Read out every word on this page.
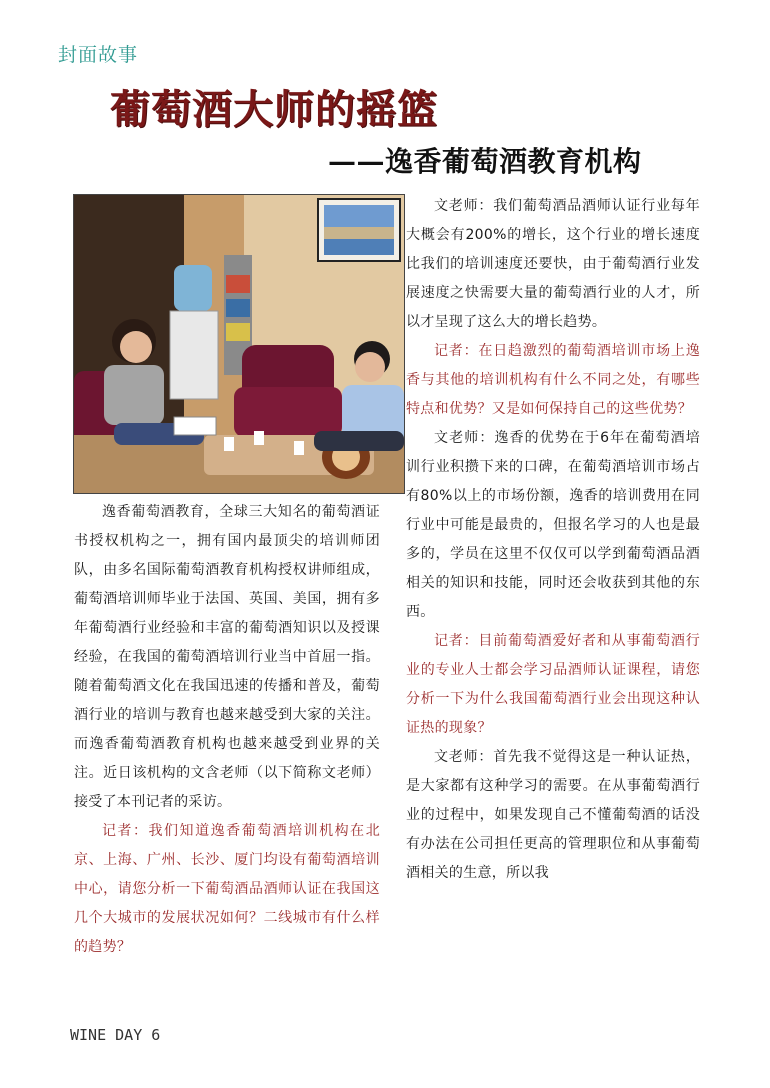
封面故事
葡萄酒大师的摇篮
——逸香葡萄酒教育机构

逸香葡萄酒教育，全球三大知名的葡萄酒证书授权机构之一，拥有国内最顶尖的培训师团队，由多名国际葡萄酒教育机构授权讲师组成，葡萄酒培训师毕业于法国、英国、美国，拥有多年葡萄酒行业经验和丰富的葡萄酒知识以及授课经验，在我国的葡萄酒培训行业当中首屈一指。随着葡萄酒文化在我国迅速的传播和普及，葡萄酒行业的培训与教育也越来越受到大家的关注。而逸香葡萄酒教育机构也越来越受到业界的关注。近日该机构的文含老师（以下简称文老师）接受了本刊记者的采访。

记者：我们知道逸香葡萄酒培训机构在北京、上海、广州、长沙、厦门均设有葡萄酒培训中心，请您分析一下葡萄酒品酒师认证在我国这几个大城市的发展状况如何？二线城市有什么样的趋势？

文老师：我们葡萄酒品酒师认证行业每年大概会有200%的增长，这个行业的增长速度比我们的培训速度还要快，由于葡萄酒行业发展速度之快需要大量的葡萄酒行业的人才，所以才呈现了这么大的增长趋势。

记者：在日趋激烈的葡萄酒培训市场上逸香与其他的培训机构有什么不同之处，有哪些特点和优势？又是如何保持自己的这些优势？

文老师：逸香的优势在于6年在葡萄酒培训行业积攒下来的口碑，在葡萄酒培训市场占有80%以上的市场份额，逸香的培训费用在同行业中可能是最贵的，但报名学习的人也是最多的，学员在这里不仅仅可以学到葡萄酒品酒相关的知识和技能，同时还会收获到其他的东西。

记者：目前葡萄酒爱好者和从事葡萄酒行业的专业人士都会学习品酒师认证课程，请您分析一下为什么我国葡萄酒行业会出现这种认证热的现象？

文老师：首先我不觉得这是一种认证热，是大家都有这种学习的需要。在从事葡萄酒行业的过程中，如果发现自己不懂葡萄酒的话没有办法在公司担任更高的管理职位和从事葡萄酒相关的生意，所以我

WINE DAY 6
